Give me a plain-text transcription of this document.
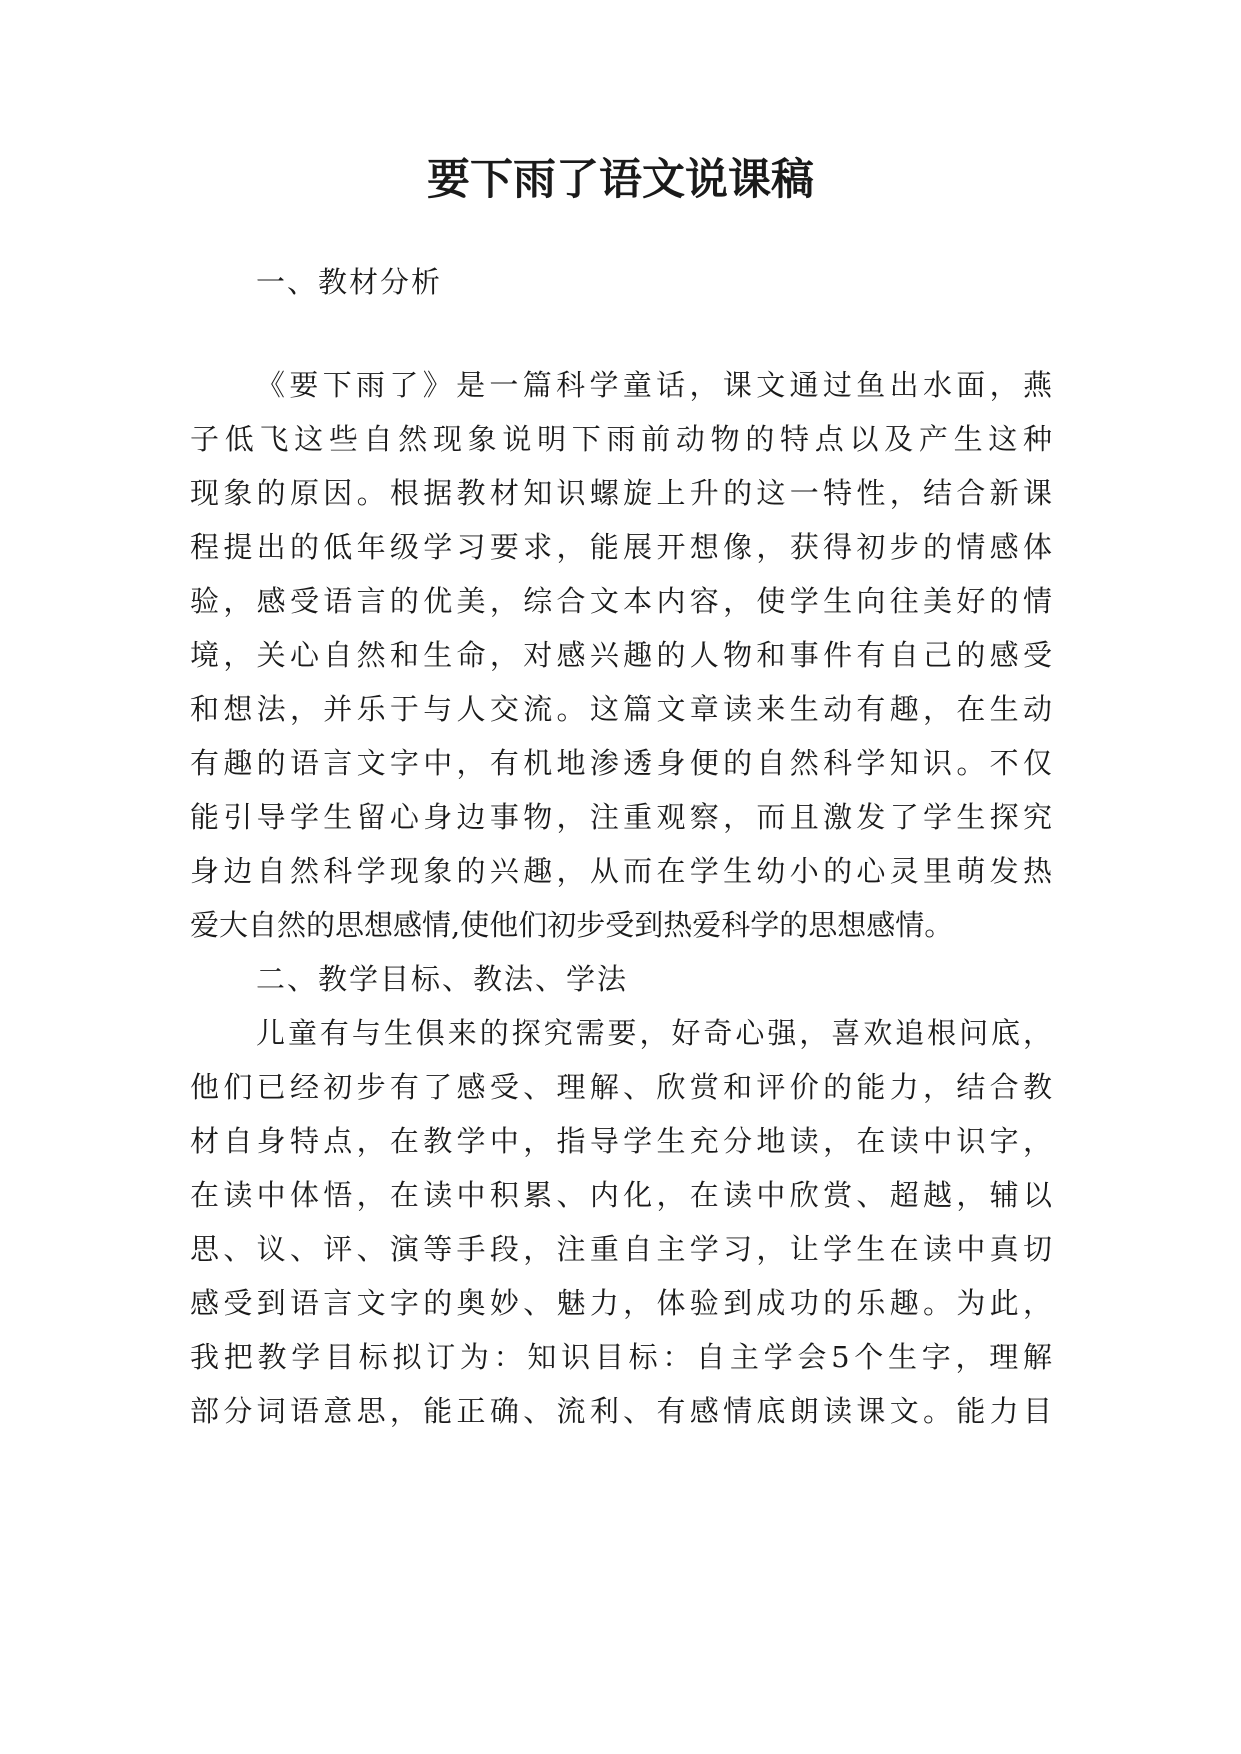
要下雨了语文说课稿
一、教材分析
《要下雨了》是一篇科学童话，课文通过鱼出水面，燕
子低飞这些自然现象说明下雨前动物的特点以及产生这种
现象的原因。根据教材知识螺旋上升的这一特性，结合新课
程提出的低年级学习要求，能展开想像，获得初步的情感体
验，感受语言的优美，综合文本内容，使学生向往美好的情
境，关心自然和生命，对感兴趣的人物和事件有自己的感受
和想法，并乐于与人交流。这篇文章读来生动有趣，在生动
有趣的语言文字中，有机地渗透身便的自然科学知识。不仅
能引导学生留心身边事物，注重观察，而且激发了学生探究
身边自然科学现象的兴趣，从而在学生幼小的心灵里萌发热
爱大自然的思想感情,使他们初步受到热爱科学的思想感情。
二、教学目标、教法、学法
儿童有与生俱来的探究需要，好奇心强，喜欢追根问底，
他们已经初步有了感受、理解、欣赏和评价的能力，结合教
材自身特点，在教学中，指导学生充分地读，在读中识字，
在读中体悟，在读中积累、内化，在读中欣赏、超越，辅以
思、议、评、演等手段，注重自主学习，让学生在读中真切
感受到语言文字的奥妙、魅力，体验到成功的乐趣。为此，
我把教学目标拟订为：知识目标：自主学会5个生字，理解
部分词语意思，能正确、流利、有感情底朗读课文。能力目
